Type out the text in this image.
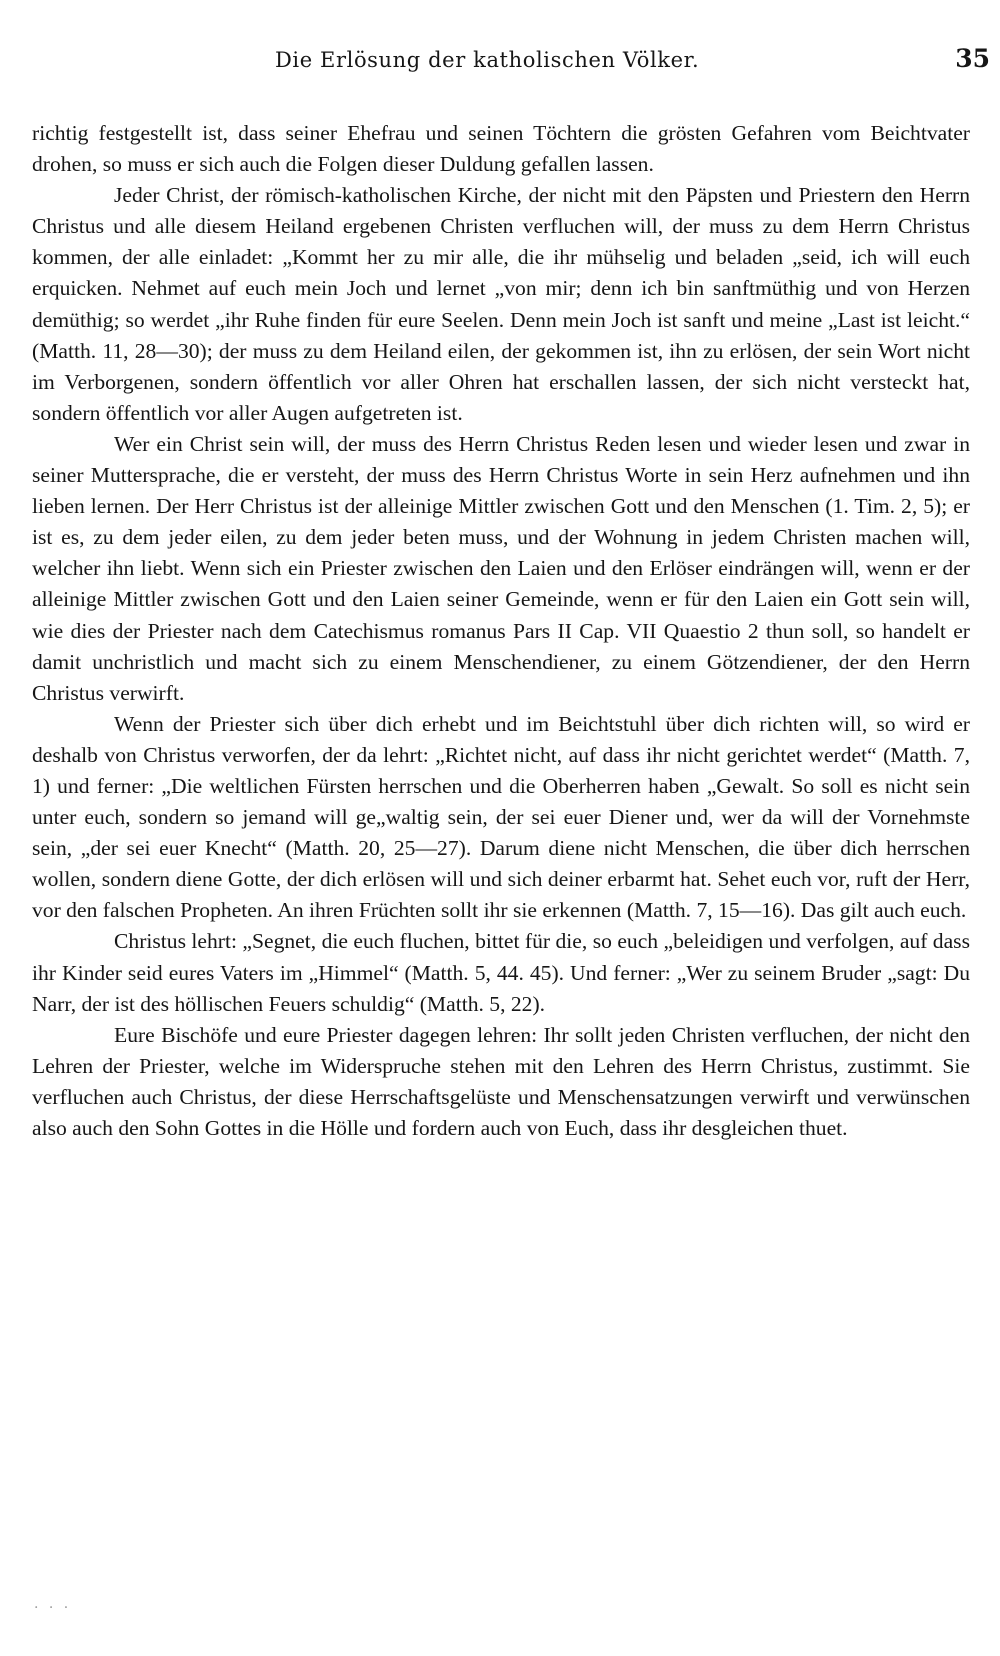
Die Erlösung der katholischen Völker.	35

richtig festgestellt ist, dass seiner Ehefrau und seinen Töchtern die grösten Gefahren vom Beichtvater drohen, so muss er sich auch die Folgen dieser Duldung gefallen lassen.

Jeder Christ, der römisch-katholischen Kirche, der nicht mit den Päpsten und Priestern den Herrn Christus und alle diesem Heiland ergebenen Christen verfluchen will, der muss zu dem Herrn Christus kommen, der alle einladet: „Kommt her zu mir alle, die ihr mühselig und beladen „seid, ich will euch erquicken. Nehmet auf euch mein Joch und lernet „von mir; denn ich bin sanftmüthig und von Herzen demüthig; so werdet „ihr Ruhe finden für eure Seelen. Denn mein Joch ist sanft und meine „Last ist leicht.“ (Matth. 11, 28—30); der muss zu dem Heiland eilen, der gekommen ist, ihn zu erlösen, der sein Wort nicht im Verborgenen, sondern öffentlich vor aller Ohren hat erschallen lassen, der sich nicht versteckt hat, sondern öffentlich vor aller Augen aufgetreten ist.

Wer ein Christ sein will, der muss des Herrn Christus Reden lesen und wieder lesen und zwar in seiner Muttersprache, die er versteht, der muss des Herrn Christus Worte in sein Herz aufnehmen und ihn lieben lernen. Der Herr Christus ist der alleinige Mittler zwischen Gott und den Menschen (1. Tim. 2, 5); er ist es, zu dem jeder eilen, zu dem jeder beten muss, und der Wohnung in jedem Christen machen will, welcher ihn liebt. Wenn sich ein Priester zwischen den Laien und den Erlöser eindrängen will, wenn er der alleinige Mittler zwischen Gott und den Laien seiner Gemeinde, wenn er für den Laien ein Gott sein will, wie dies der Priester nach dem Catechismus romanus Pars II Cap. VII Quaestio 2 thun soll, so handelt er damit unchristlich und macht sich zu einem Menschendiener, zu einem Götzendiener, der den Herrn Christus verwirft.

Wenn der Priester sich über dich erhebt und im Beichtstuhl über dich richten will, so wird er deshalb von Christus verworfen, der da lehrt: „Richtet nicht, auf dass ihr nicht gerichtet werdet“ (Matth. 7, 1) und ferner: „Die weltlichen Fürsten herrschen und die Oberherren haben „Gewalt. So soll es nicht sein unter euch, sondern so jemand will ge„waltig sein, der sei euer Diener und, wer da will der Vornehmste sein, „der sei euer Knecht“ (Matth. 20, 25—27). Darum diene nicht Menschen, die über dich herrschen wollen, sondern diene Gotte, der dich erlösen will und sich deiner erbarmt hat. Sehet euch vor, ruft der Herr, vor den falschen Propheten. An ihren Früchten sollt ihr sie erkennen (Matth. 7, 15—16). Das gilt auch euch.

Christus lehrt: „Segnet, die euch fluchen, bittet für die, so euch „beleidigen und verfolgen, auf dass ihr Kinder seid eures Vaters im „Himmel“ (Matth. 5, 44. 45). Und ferner: „Wer zu seinem Bruder „sagt: Du Narr, der ist des höllischen Feuers schuldig“ (Matth. 5, 22).

Eure Bischöfe und eure Priester dagegen lehren: Ihr sollt jeden Christen verfluchen, der nicht den Lehren der Priester, welche im Widerspruche stehen mit den Lehren des Herrn Christus, zustimmt. Sie verfluchen auch Christus, der diese Herrschaftsgelüste und Menschensatzungen verwirft und verwünschen also auch den Sohn Gottes in die Hölle und fordern auch von Euch, dass ihr desgleichen thuet.

· · ·
